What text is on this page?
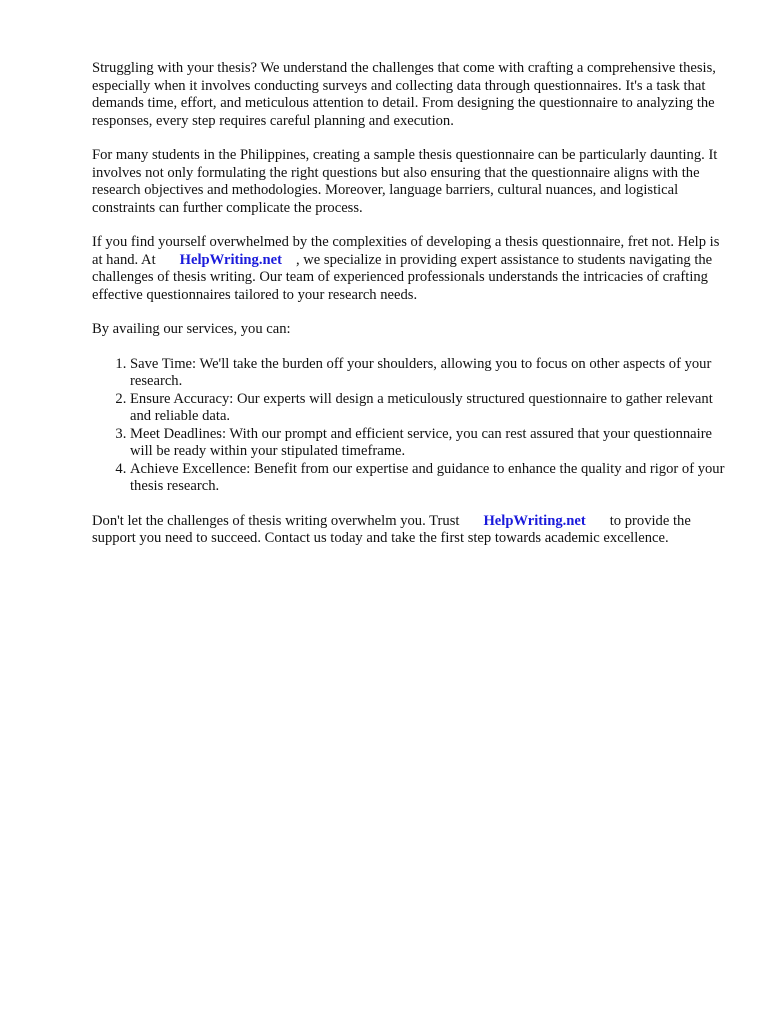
Struggling with your thesis? We understand the challenges that come with crafting a comprehensive thesis, especially when it involves conducting surveys and collecting data through questionnaires. It's a task that demands time, effort, and meticulous attention to detail. From designing the questionnaire to analyzing the responses, every step requires careful planning and execution.

For many students in the Philippines, creating a sample thesis questionnaire can be particularly daunting. It involves not only formulating the right questions but also ensuring that the questionnaire aligns with the research objectives and methodologies. Moreover, language barriers, cultural nuances, and logistical constraints can further complicate the process.

If you find yourself overwhelmed by the complexities of developing a thesis questionnaire, fret not. Help is at hand. At HelpWriting.net , we specialize in providing expert assistance to students navigating the challenges of thesis writing. Our team of experienced professionals understands the intricacies of crafting effective questionnaires tailored to your research needs.

By availing our services, you can:

1. Save Time: We'll take the burden off your shoulders, allowing you to focus on other aspects of your research.
2. Ensure Accuracy: Our experts will design a meticulously structured questionnaire to gather relevant and reliable data.
3. Meet Deadlines: With our prompt and efficient service, you can rest assured that your questionnaire will be ready within your stipulated timeframe.
4. Achieve Excellence: Benefit from our expertise and guidance to enhance the quality and rigor of your thesis research.

Don't let the challenges of thesis writing overwhelm you. Trust HelpWriting.net to provide the support you need to succeed. Contact us today and take the first step towards academic excellence.
